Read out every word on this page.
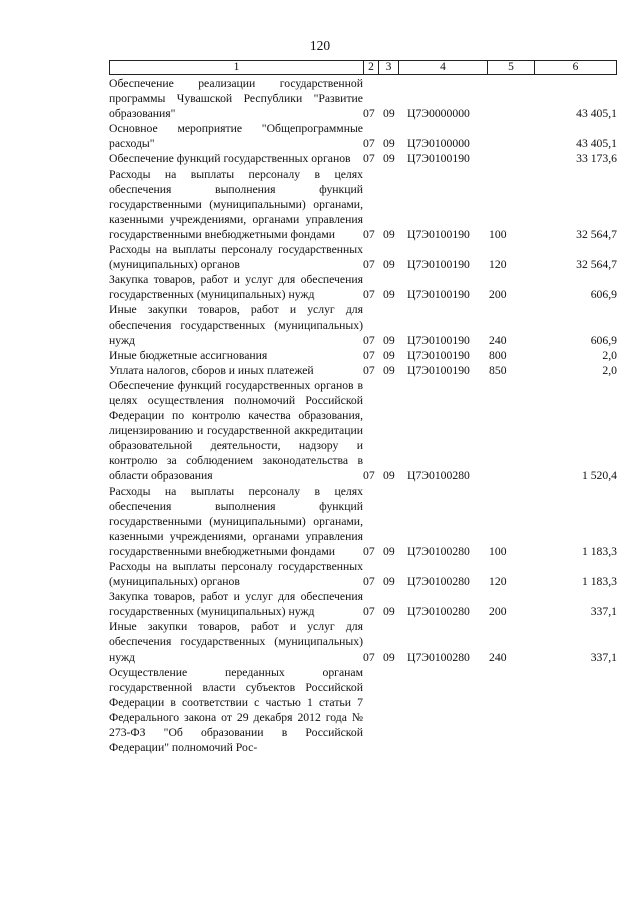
120
1	2	3	4	5	6
Обеспечение реализации государственной программы Чувашской Республики "Развитие образования"	07	09	Ц7Э0000000		43 405,1
Основное мероприятие "Общепрограммные расходы"	07	09	Ц7Э0100000		43 405,1
Обеспечение функций государственных органов	07	09	Ц7Э0100190		33 173,6
Расходы на выплаты персоналу в целях обеспечения выполнения функций государственными (муниципальными) органами, казенными учреждениями, органами управления государственными внебюджетными фондами	07	09	Ц7Э0100190	100	32 564,7
Расходы на выплаты персоналу государственных (муниципальных) органов	07	09	Ц7Э0100190	120	32 564,7
Закупка товаров, работ и услуг для обеспечения государственных (муниципальных) нужд	07	09	Ц7Э0100190	200	606,9
Иные закупки товаров, работ и услуг для обеспечения государственных (муниципальных) нужд	07	09	Ц7Э0100190	240	606,9
Иные бюджетные ассигнования	07	09	Ц7Э0100190	800	2,0
Уплата налогов, сборов и иных платежей	07	09	Ц7Э0100190	850	2,0
Обеспечение функций государственных органов в целях осуществления полномочий Российской Федерации по контролю качества образования, лицензированию и государственной аккредитации образовательной деятельности, надзору и контролю за соблюдением законодательства в области образования	07	09	Ц7Э0100280		1 520,4
Расходы на выплаты персоналу в целях обеспечения выполнения функций государственными (муниципальными) органами, казенными учреждениями, органами управления государственными внебюджетными фондами	07	09	Ц7Э0100280	100	1 183,3
Расходы на выплаты персоналу государственных (муниципальных) органов	07	09	Ц7Э0100280	120	1 183,3
Закупка товаров, работ и услуг для обеспечения государственных (муниципальных) нужд	07	09	Ц7Э0100280	200	337,1
Иные закупки товаров, работ и услуг для обеспечения государственных (муниципальных) нужд	07	09	Ц7Э0100280	240	337,1
Осуществление переданных органам государственной власти субъектов Российской Федерации в соответствии с частью 1 статьи 7 Федерального закона от 29 декабря 2012 года № 273-ФЗ "Об образовании в Российской Федерации" полномочий Рос-					
